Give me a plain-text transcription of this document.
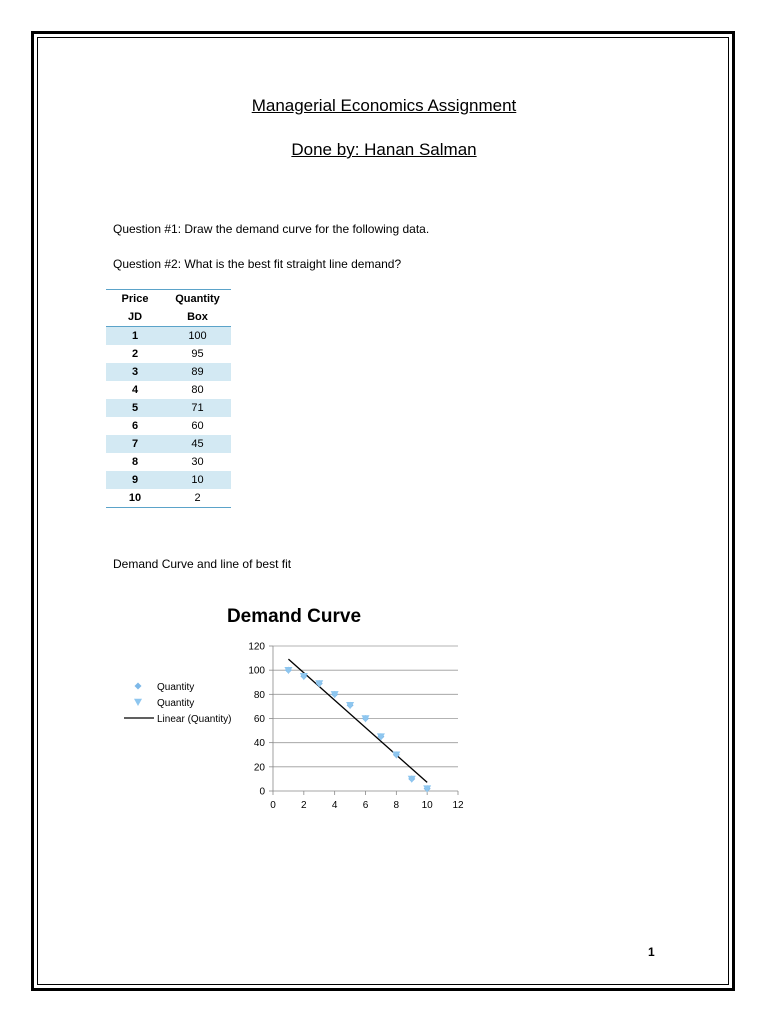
Managerial Economics Assignment
Done by: Hanan Salman
Question #1: Draw the demand curve for the following data.
Question #2: What is the best fit straight line demand?
Price	Quantity
JD	Box
1	100
2	95
3	89
4	80
5	71
6	60
7	45
8	30
9	10
10	2
Demand Curve and line of best fit
Demand Curve
0
20
40
60
80
100
120
0	2	4	6	8 10 12
Quantity
Quantity
Linear (Quantity)
1
